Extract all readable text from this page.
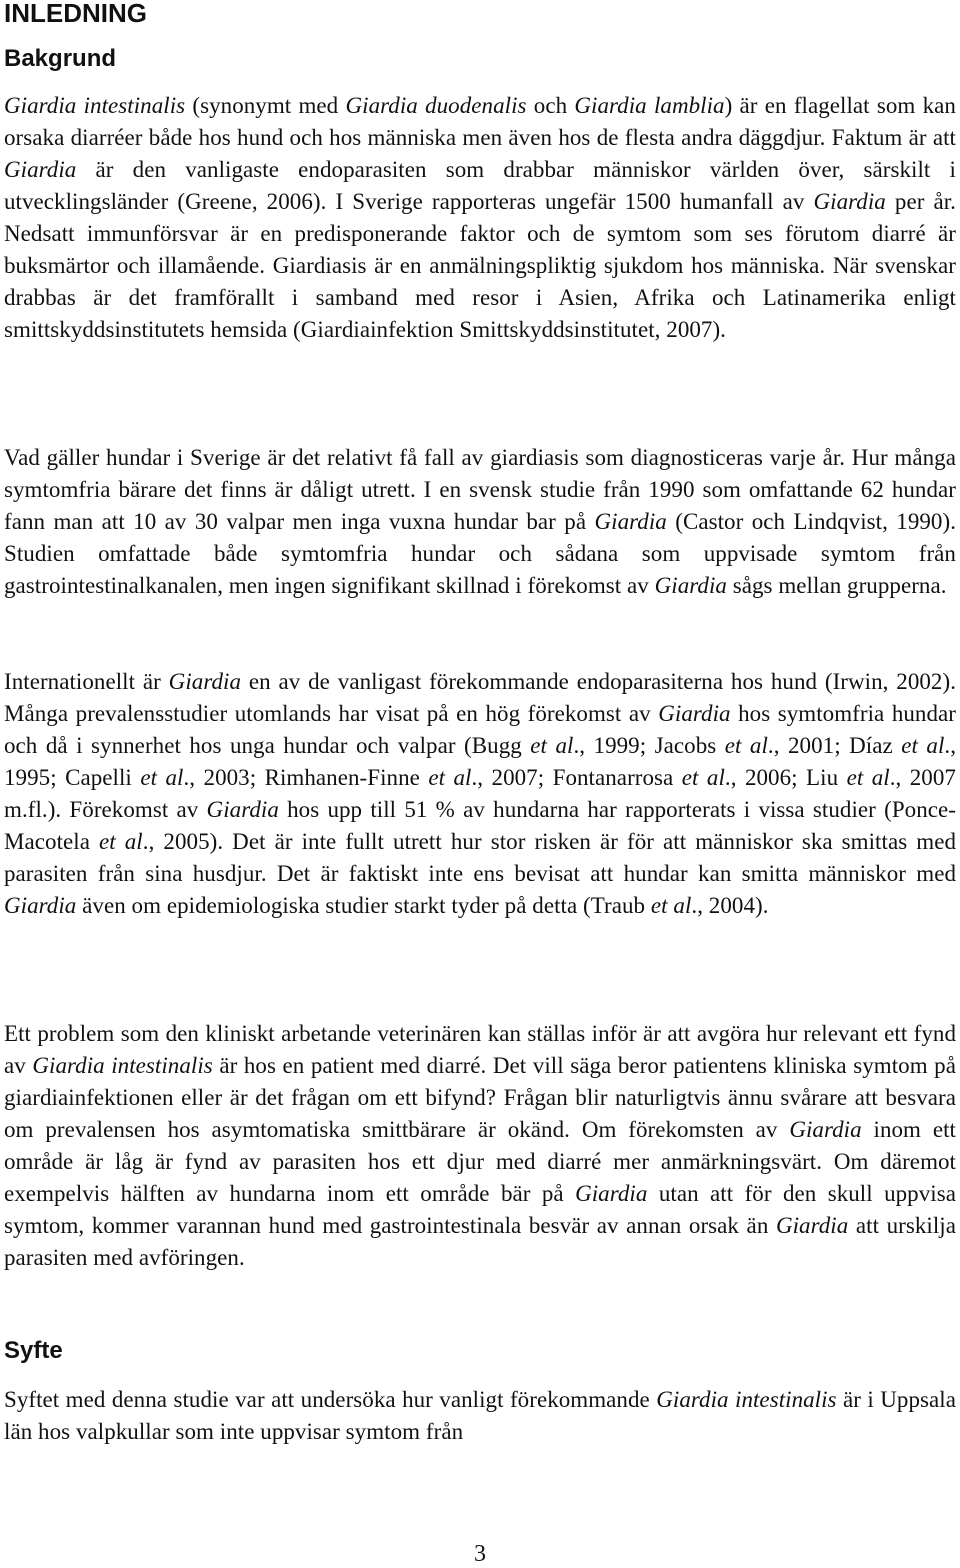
INLEDNING
Bakgrund

Giardia intestinalis (synonymt med Giardia duodenalis och Giardia lamblia) är en flagellat som kan orsaka diarréer både hos hund och hos människa men även hos de flesta andra däggdjur. Faktum är att Giardia är den vanligaste endoparasiten som drabbar människor världen över, särskilt i utvecklingsländer (Greene, 2006). I Sverige rapporteras ungefär 1500 humanfall av Giardia per år. Nedsatt immunförsvar är en predisponerande faktor och de symtom som ses förutom diarré är buksmärtor och illamående. Giardiasis är en anmälningspliktig sjukdom hos människa. När svenskar drabbas är det framförallt i samband med resor i Asien, Afrika och Latinamerika enligt smittskyddsinstitutets hemsida (Giardiainfektion Smittskyddsinstitutet, 2007).

Vad gäller hundar i Sverige är det relativt få fall av giardiasis som diagnosticeras varje år. Hur många symtomfria bärare det finns är dåligt utrett. I en svensk studie från 1990 som omfattande 62 hundar fann man att 10 av 30 valpar men inga vuxna hundar bar på Giardia (Castor och Lindqvist, 1990). Studien omfattade både symtomfria hundar och sådana som uppvisade symtom från gastrointestinalkanalen, men ingen signifikant skillnad i förekomst av Giardia sågs mellan grupperna.

Internationellt är Giardia en av de vanligast förekommande endoparasiterna hos hund (Irwin, 2002). Många prevalensstudier utomlands har visat på en hög förekomst av Giardia hos symtomfria hundar och då i synnerhet hos unga hundar och valpar (Bugg et al., 1999; Jacobs et al., 2001; Díaz et al., 1995; Capelli et al., 2003; Rimhanen-Finne et al., 2007; Fontanarrosa et al., 2006; Liu et al., 2007 m.fl.). Förekomst av Giardia hos upp till 51 % av hundarna har rapporterats i vissa studier (Ponce-Macotela et al., 2005). Det är inte fullt utrett hur stor risken är för att människor ska smittas med parasiten från sina husdjur. Det är faktiskt inte ens bevisat att hundar kan smitta människor med Giardia även om epidemiologiska studier starkt tyder på detta (Traub et al., 2004).

Ett problem som den kliniskt arbetande veterinären kan ställas inför är att avgöra hur relevant ett fynd av Giardia intestinalis är hos en patient med diarré. Det vill säga beror patientens kliniska symtom på giardiainfektionen eller är det frågan om ett bifynd? Frågan blir naturligtvis ännu svårare att besvara om prevalensen hos asymtomatiska smittbärare är okänd. Om förekomsten av Giardia inom ett område är låg är fynd av parasiten hos ett djur med diarré mer anmärkningsvärt. Om däremot exempelvis hälften av hundarna inom ett område bär på Giardia utan att för den skull uppvisa symtom, kommer varannan hund med gastrointestinala besvär av annan orsak än Giardia att urskilja parasiten med avföringen.

Syfte

Syftet med denna studie var att undersöka hur vanligt förekommande Giardia intestinalis är i Uppsala län hos valpkullar som inte uppvisar symtom från

3
